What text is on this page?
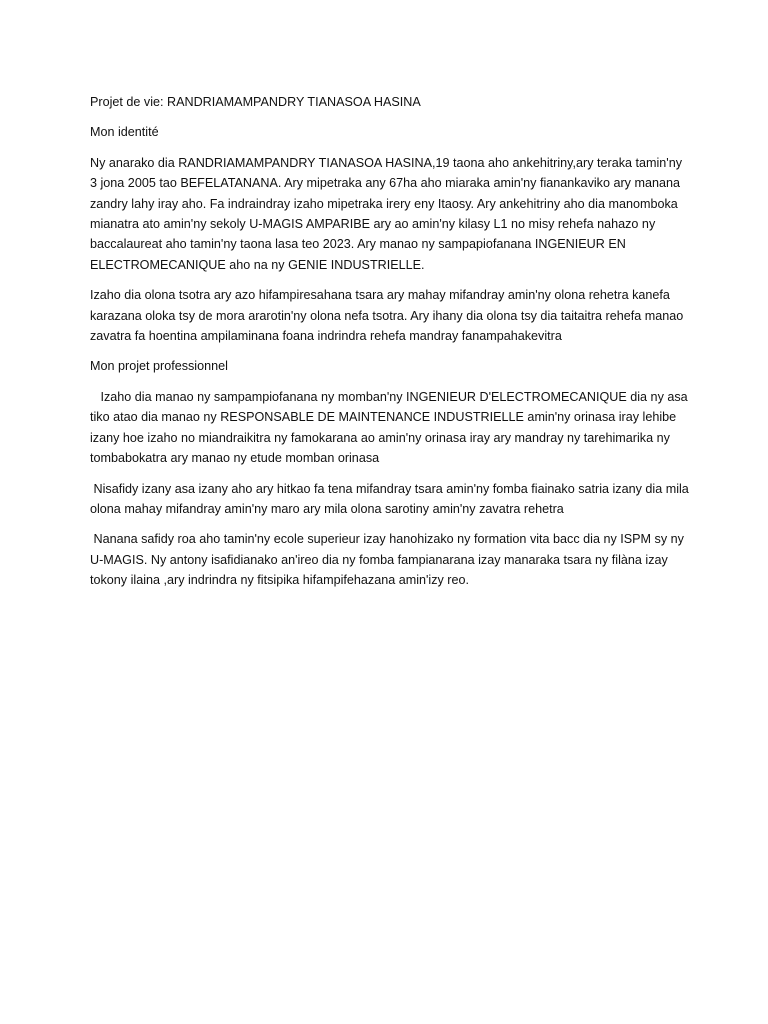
Projet de vie: RANDRIAMAMPANDRY TIANASOA HASINA

Mon identité

Ny anarako dia RANDRIAMAMPANDRY TIANASOA HASINA,19 taona aho ankehitriny,ary teraka tamin'ny 3 jona 2005 tao BEFELATANANA. Ary mipetraka any 67ha aho miaraka amin'ny fianankaviko ary manana zandry lahy iray aho. Fa indraindray izaho mipetraka irery eny Itaosy. Ary ankehitriny aho dia manomboka mianatra ato amin'ny sekoly U-MAGIS AMPARIBE ary ao amin'ny kilasy L1 no misy rehefa nahazo ny baccalaureat aho tamin'ny taona lasa teo 2023. Ary manao ny sampapiofanana INGENIEUR EN ELECTROMECANIQUE aho na ny GENIE INDUSTRIELLE.

Izaho dia olona tsotra ary azo hifampiresahana tsara ary mahay mifandray amin'ny olona rehetra kanefa karazana oloka tsy de mora ararotin'ny olona nefa tsotra. Ary ihany dia olona tsy dia taitaitra rehefa manao zavatra fa hoentina ampilaminana foana indrindra rehefa mandray fanampahakevitra

Mon projet professionnel

Izaho dia manao ny sampampiofanana ny momban'ny INGENIEUR D'ELECTROMECANIQUE dia ny asa tiko atao dia manao ny RESPONSABLE DE MAINTENANCE INDUSTRIELLE amin'ny orinasa iray lehibe izany hoe izaho no miandraikitra ny famokarana ao amin'ny orinasa iray ary mandray ny tarehimarika ny tombabokatra ary manao ny etude momban orinasa

Nisafidy izany asa izany aho ary hitkao fa tena mifandray tsara amin'ny fomba fiainako satria izany dia mila olona mahay mifandray amin'ny maro ary mila olona sarotiny amin'ny zavatra rehetra

Nanana safidy roa aho tamin'ny ecole superieur izay hanohizako ny formation vita bacc dia ny ISPM sy ny U-MAGIS. Ny antony isafidianako an'ireo dia ny fomba fampianarana izay manaraka tsara ny filàna izay tokony ilaina ,ary indrindra ny fitsipika hifampifehazana amin'izy reo.
